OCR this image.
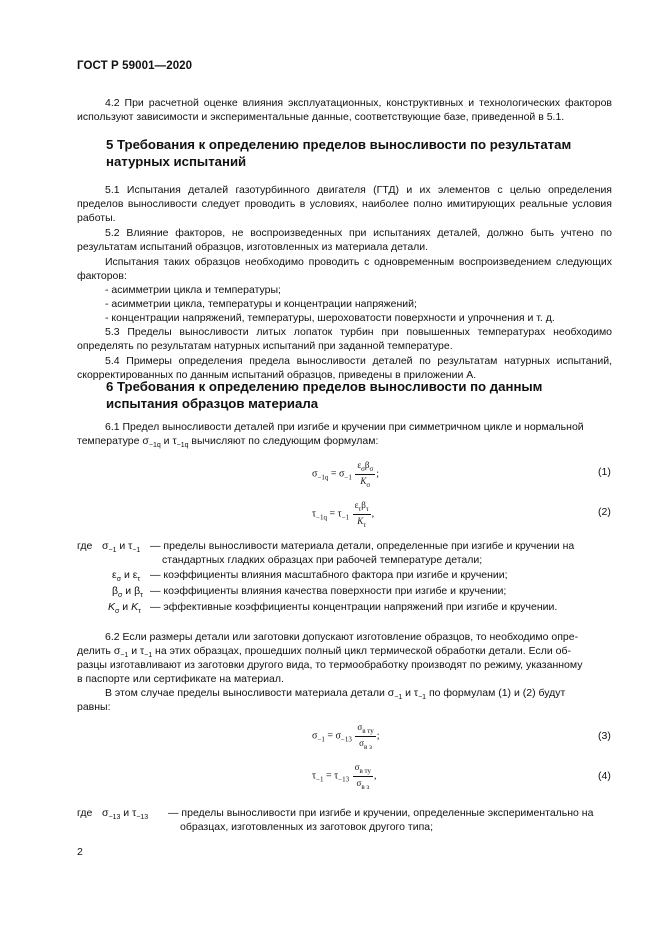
ГОСТ Р 59001—2020
4.2 При расчетной оценке влияния эксплуатационных, конструктивных и технологических факторов используют зависимости и экспериментальные данные, соответствующие базе, приведенной в 5.1.
5 Требования к определению пределов выносливости по результатам натурных испытаний
5.1 Испытания деталей газотурбинного двигателя (ГТД) и их элементов с целью определения пределов выносливости следует проводить в условиях, наиболее полно имитирующих реальные условия работы.
5.2 Влияние факторов, не воспроизведенных при испытаниях деталей, должно быть учтено по результатам испытаний образцов, изготовленных из материала детали.
Испытания таких образцов необходимо проводить с одновременным воспроизведением следующих факторов:
- асимметрии цикла и температуры;
- асимметрии цикла, температуры и концентрации напряжений;
- концентрации напряжений, температуры, шероховатости поверхности и упрочнения и т. д.
5.3 Пределы выносливости литых лопаток турбин при повышенных температурах необходимо определять по результатам натурных испытаний при заданной температуре.
5.4 Примеры определения предела выносливости деталей по результатам натурных испытаний, скорректированных по данным испытаний образцов, приведены в приложении А.
6 Требования к определению пределов выносливости по данным испытания образцов материала
6.1 Предел выносливости деталей при изгибе и кручении при симметричном цикле и нормальной
температуре $\sigma_{-1q}$ и $\tau_{-1q}$ вычисляют по следующим формулам:
$\sigma_{-1q} = \sigma_{-1} \frac{\varepsilon_\sigma\beta_\sigma}{K_\sigma}$ ;	(1)
$\tau_{-1q} = \tau_{-1} \frac{\varepsilon_\tau\beta_\tau}{K_\tau}$ ,	(2)
где $\sigma_{-1}$ и $\tau_{-1}$ — пределы выносливости материала детали, определенные при изгибе и кручении на
стандартных гладких образцах при рабочей температуре детали;
$\varepsilon_\sigma$ и $\varepsilon_\tau$ — коэффициенты влияния масштабного фактора при изгибе и кручении;
$\beta_\sigma$ и $\beta_\tau$ — коэффициенты влияния качества поверхности при изгибе и кручении;
$K_\sigma$ и $K_\tau$ — эффективные коэффициенты концентрации напряжений при изгибе и кручении.
6.2 Если размеры детали или заготовки допускают изготовление образцов, то необходимо опре-
делить $\sigma_{-1}$ и $\tau_{-1}$ на этих образцах, прошедших полный цикл термической обработки детали. Если об-
разцы изготавливают из заготовки другого вида, то термообработку производят по режиму, указанному
в паспорте или сертификате на материал.
В этом случае пределы выносливости материала детали $\sigma_{-1}$ и $\tau_{-1}$ по формулам (1) и (2) будут
равны:
$\sigma_{-1} = \sigma_{-13} \frac{\sigma_{в ту}}{\sigma_{в з}}$ ;	(3)
$\tau_{-1} = \tau_{-13} \frac{\sigma_{в ту}}{\sigma_{в з}}$ ,	(4)
где $\sigma_{-13}$ и $\tau_{-13}$ — пределы выносливости при изгибе и кручении, определенные экспериментально на
образцах, изготовленных из заготовок другого типа;
2
